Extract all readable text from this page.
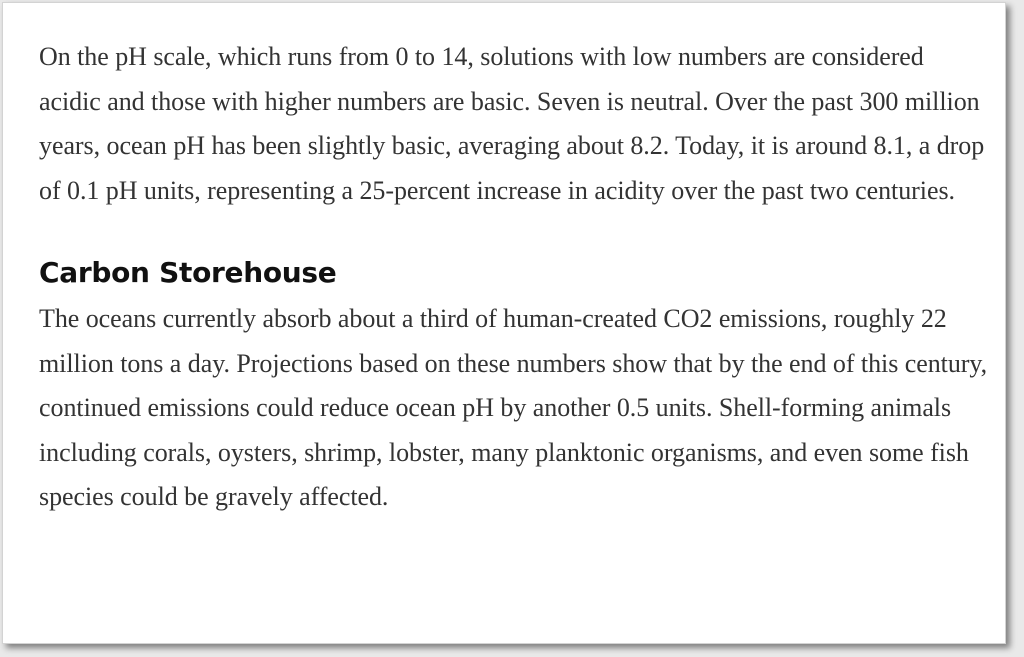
On the pH scale, which runs from 0 to 14, solutions with low numbers are considered acidic and those with higher numbers are basic. Seven is neutral. Over the past 300 million years, ocean pH has been slightly basic, averaging about 8.2. Today, it is around 8.1, a drop of 0.1 pH units, representing a 25-percent increase in acidity over the past two centuries.

Carbon Storehouse

The oceans currently absorb about a third of human-created CO2 emissions, roughly 22 million tons a day. Projections based on these numbers show that by the end of this century, continued emissions could reduce ocean pH by another 0.5 units. Shell-forming animals including corals, oysters, shrimp, lobster, many planktonic organisms, and even some fish species could be gravely affected.
